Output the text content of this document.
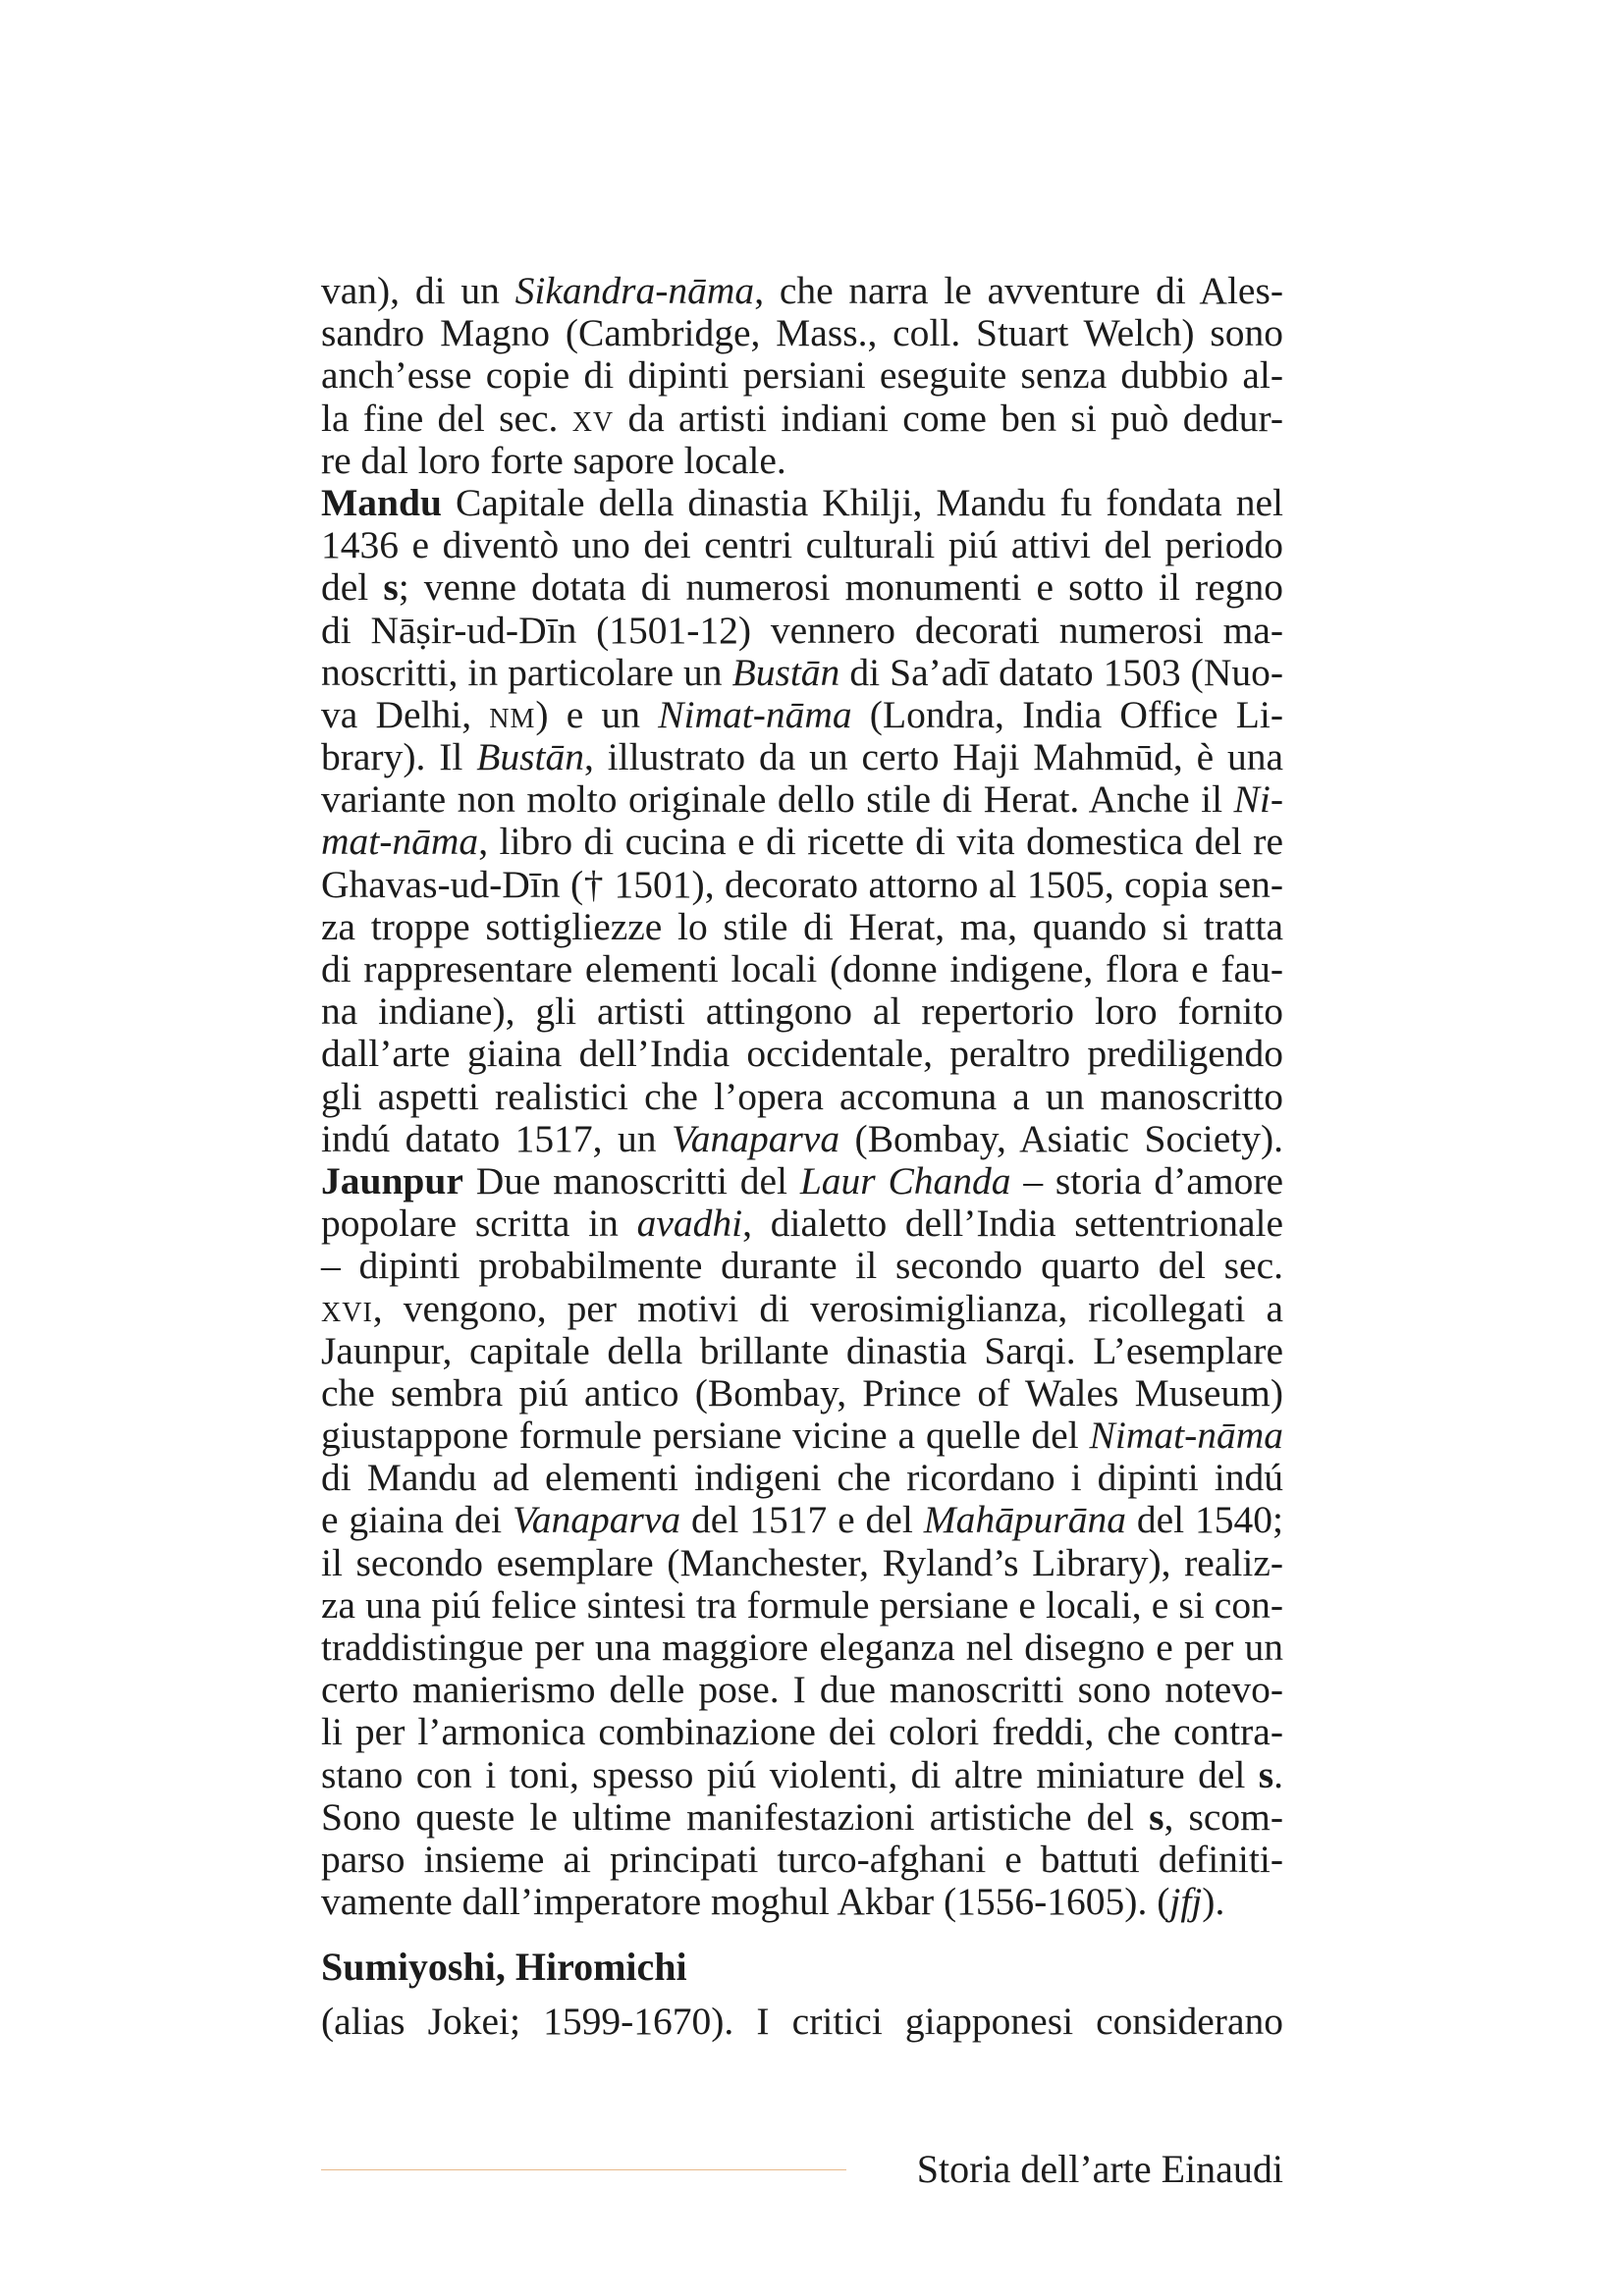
van), di un Sikandra-nāma, che narra le avventure di Ales-
sandro Magno (Cambridge, Mass., coll. Stuart Welch) sono
anch’esse copie di dipinti persiani eseguite senza dubbio al-
la fine del sec. xv da artisti indiani come ben si può dedur-
re dal loro forte sapore locale.
Mandu Capitale della dinastia Khilji, Mandu fu fondata nel
1436 e diventò uno dei centri culturali piú attivi del periodo
del s; venne dotata di numerosi monumenti e sotto il regno
di Nāṣir-ud-Dīn (1501-12) vennero decorati numerosi ma-
noscritti, in particolare un Bustān di Sa’adī datato 1503 (Nuo-
va Delhi, nm) e un Nimat-nāma (Londra, India Office Li-
brary). Il Bustān, illustrato da un certo Haji Mahmūd, è una
variante non molto originale dello stile di Herat. Anche il Ni-
mat-nāma, libro di cucina e di ricette di vita domestica del re
Ghavas-ud-Dīn († 1501), decorato attorno al 1505, copia sen-
za troppe sottigliezze lo stile di Herat, ma, quando si tratta
di rappresentare elementi locali (donne indigene, flora e fau-
na indiane), gli artisti attingono al repertorio loro fornito
dall’arte giaina dell’India occidentale, peraltro prediligendo
gli aspetti realistici che l’opera accomuna a un manoscritto
indú datato 1517, un Vanaparva (Bombay, Asiatic Society).
Jaunpur Due manoscritti del Laur Chanda – storia d’amore
popolare scritta in avadhi, dialetto dell’India settentrionale
– dipinti probabilmente durante il secondo quarto del sec.
xvi, vengono, per motivi di verosimiglianza, ricollegati a
Jaunpur, capitale della brillante dinastia Sarqi. L’esemplare
che sembra piú antico (Bombay, Prince of Wales Museum)
giustappone formule persiane vicine a quelle del Nimat-nāma
di Mandu ad elementi indigeni che ricordano i dipinti indú
e giaina dei Vanaparva del 1517 e del Mahāpurāna del 1540;
il secondo esemplare (Manchester, Ryland’s Library), realiz-
za una piú felice sintesi tra formule persiane e locali, e si con-
traddistingue per una maggiore eleganza nel disegno e per un
certo manierismo delle pose. I due manoscritti sono notevo-
li per l’armonica combinazione dei colori freddi, che contra-
stano con i toni, spesso piú violenti, di altre miniature del s.
Sono queste le ultime manifestazioni artistiche del s, scom-
parso insieme ai principati turco-afghani e battuti definiti-
vamente dall’imperatore moghul Akbar (1556-1605). (jfj).
Sumiyoshi, Hiromichi
(alias Jokei; 1599-1670). I critici giapponesi considerano
Storia dell’arte Einaudi
